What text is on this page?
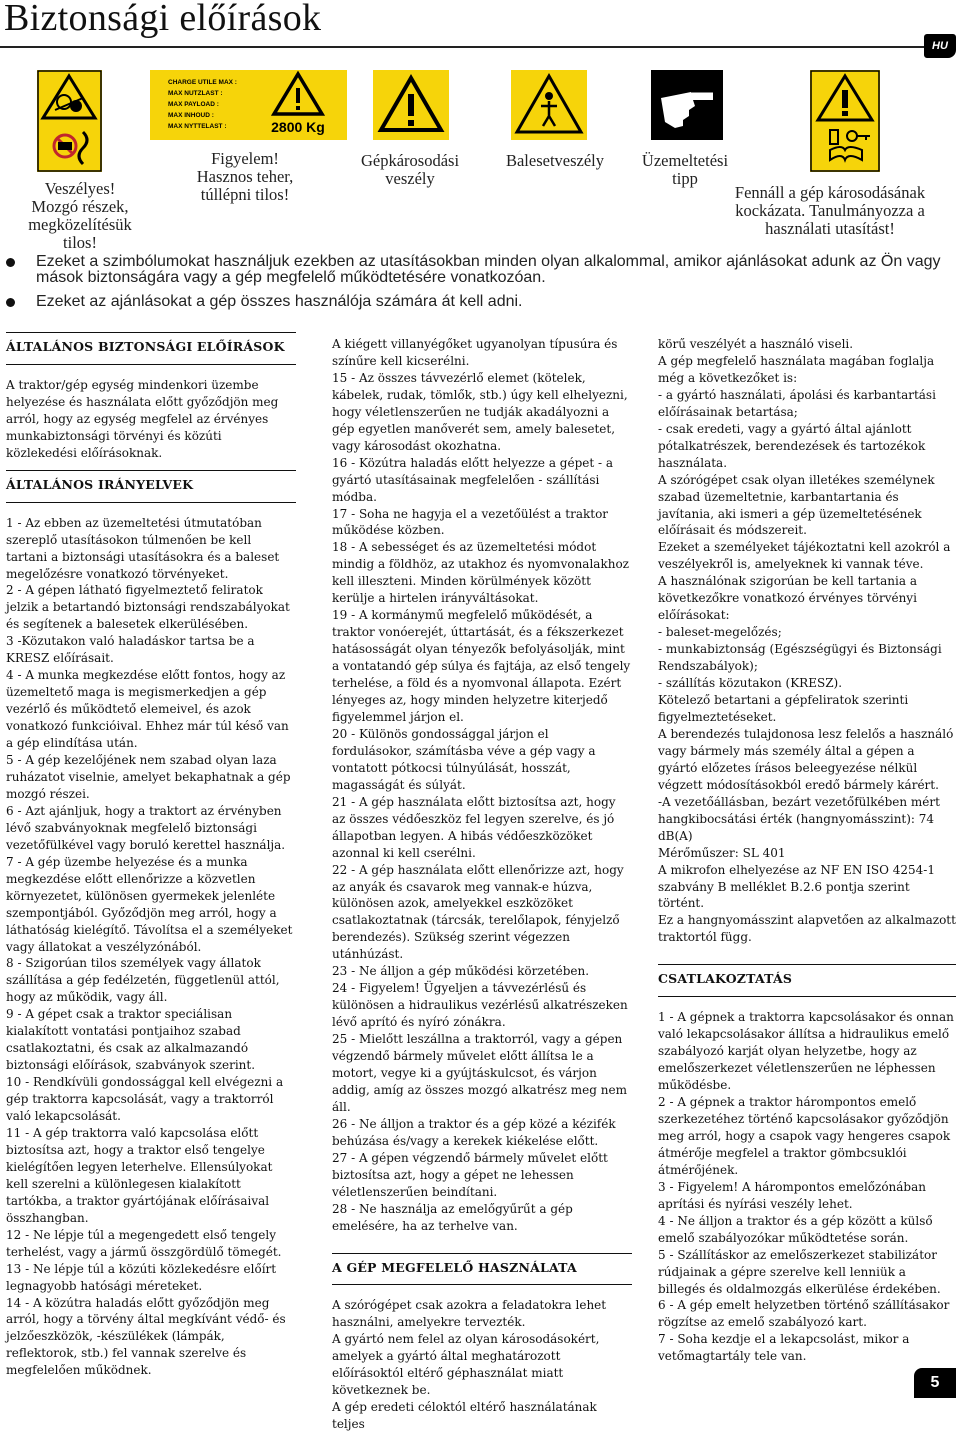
Biztonsági előírások
HU
Veszélyes!
Mozgó részek,
megközelítésük tilos!
CHARGE UTILE MAX :
MAX NUTZLAST :
MAX PAYLOAD :
MAX INHOUD :
MAX NYTTELAST :	2800 Kg
Figyelem!
Hasznos teher,
túllépni tilos!
Gépkárosodási
veszély
Balesetveszély	Üzemeltetési
tipp
Fennáll a gép károsodásának
kockázata. Tanulmányozza a
használati utasítást!
Ezeket a szimbólumokat használjuk ezekben az utasításokban minden olyan alkalommal, amikor ajánlásokat adunk az Ön vagy mások biztonságára vagy a gép megfelelő működtetésére vonatkozóan.
Ezeket az ajánlásokat a gép összes használója számára át kell adni.
ÁLTALÁNOS BIZTONSÁGI ELŐÍRÁSOK

A traktor/gép egység mindenkori üzembe helyezése és használata előtt győződjön meg arról, hogy az egység megfelel az érvényes munkabiztonsági törvényi és közúti közlekedési előírásoknak.

ÁLTALÁNOS IRÁNYELVEK

1 - Az ebben az üzemeltetési útmutatóban szereplő utasításokon túlmenően be kell tartani a biztonsági utasításokra és a baleset megelőzésre vonatkozó törvényeket.

2 - A gépen látható figyelmeztető feliratok jelzik a betartandó biztonsági rendszabályokat és segítenek a balesetek elkerülésében.

3 -Közutakon való haladáskor tartsa be a KRESZ előírásait.

4 - A munka megkezdése előtt fontos, hogy az üzemeltető maga is megismerkedjen a gép vezérlő és működtető elemeivel, és azok vonatkozó funkcióival. Ehhez már túl késő van a gép elindítása után.

5 - A gép kezelőjének nem szabad olyan laza ruházatot viselnie, amelyet bekaphatnak a gép mozgó részei.

6 - Azt ajánljuk, hogy a traktort az érvényben lévő szabványoknak megfelelő biztonsági vezetőfülkével vagy boruló kerettel használja.

7 - A gép üzembe helyezése és a munka megkezdése előtt ellenőrizze a közvetlen környezetet, különösen gyermekek jelenléte szempontjából. Győződjön meg arról, hogy a láthatóság kielégítő. Távolítsa el a személyeket vagy állatokat a veszélyzónából.

8 - Szigorúan tilos személyek vagy állatok szállítása a gép fedélzetén, függetlenül attól, hogy az működik, vagy áll.

9 - A gépet csak a traktor speciálisan kialakított vontatási pontjaihoz szabad csatlakoztatni, és csak az alkalmazandó biztonsági előírások, szabványok szerint.

10 - Rendkívüli gondossággal kell elvégezni a gép traktorra kapcsolását, vagy a traktorról való lekapcsolását.

11 - A gép traktorra való kapcsolása előtt biztosítsa azt, hogy a traktor első tengelye kielégítően legyen leterhelve. Ellensúlyokat kell szerelni a különlegesen kialakított tartókba, a traktor gyártójának előírásaival összhangban.

12 - Ne lépje túl a megengedett első tengely terhelést, vagy a jármű összgördülő tömegét.

13 - Ne lépje túl a közúti közlekedésre előírt legnagyobb hatósági méreteket.

14 - A közútra haladás előtt győződjön meg arról, hogy a törvény által megkívánt védő- és jelzőeszközök, -készülékek (lámpák, reflektorok, stb.) fel vannak szerelve és megfelelően működnek.

A kiégett villanyégőket ugyanolyan típusúra és színűre kell kicserélni.

15 - Az összes távvezérlő elemet (kötelek, kábelek, rudak, tömlők, stb.) úgy kell elhelyezni, hogy véletlenszerűen ne tudják akadályozni a gép egyetlen manőverét sem, amely balesetet, vagy károsodást okozhatna.

16 - Közútra haladás előtt helyezze a gépet - a gyártó utasításainak megfelelően - szállítási módba.

17 - Soha ne hagyja el a vezetőülést a traktor működése közben.

18 - A sebességet és az üzemeltetési módot mindig a földhöz, az utakhoz és nyomvonalakhoz kell illeszteni. Minden körülmények között kerülje a hirtelen irányváltásokat.

19 - A kormánymű megfelelő működését, a traktor vonóerejét, úttartását, és a fékszerkezet hatásosságát olyan tényezők befolyásolják, mint a vontatandó gép súlya és fajtája, az első tengely terhelése, a föld és a nyomvonal állapota. Ezért lényeges az, hogy minden helyzetre kiterjedő figyelemmel járjon el.

20 - Különös gondossággal járjon el fordulásokor, számításba véve a gép vagy a vontatott pótkocsi túlnyúlását, hosszát, magasságát és súlyát.

21 - A gép használata előtt biztosítsa azt, hogy az összes védőeszköz fel legyen szerelve, és jó állapotban legyen. A hibás védőeszközöket azonnal ki kell cserélni.

22 - A gép használata előtt ellenőrizze azt, hogy az anyák és csavarok meg vannak-e húzva, különösen azok, amelyekkel eszközöket csatlakoztatnak (tárcsák, terelőlapok, fényjelző berendezés). Szükség szerint végezzen utánhúzást.

23 - Ne álljon a gép működési körzetében.

24 - Figyelem! Ügyeljen a távvezérlésű és különösen a hidraulikus vezérlésű alkatrészeken lévő aprító és nyíró zónákra.

25 - Mielőtt leszállna a traktorról, vagy a gépen végzendő bármely művelet előtt állítsa le a motort, vegye ki a gyújtáskulcsot, és várjon addig, amíg az összes mozgó alkatrész meg nem áll.

26 - Ne álljon a traktor és a gép közé a kézifék behúzása és/vagy a kerekek kiékelése előtt.

27 - A gépen végzendő bármely művelet előtt biztosítsa azt, hogy a gépet ne lehessen véletlenszerűen beindítani.

28 - Ne használja az emelőgyűrűt a gép emelésére, ha az terhelve van.

A GÉP MEGFELELŐ HASZNÁLATA

A szórógépet csak azokra a feladatokra lehet használni, amelyekre tervezték.

A gyártó nem felel az olyan károsodásokért, amelyek a gyártó által meghatározott előírásoktól eltérő géphasználat miatt következnek be.

A gép eredeti céloktól eltérő használatának teljes

körű veszélyét a használó viseli.

A gép megfelelő használata magában foglalja még a következőket is:

- a gyártó használati, ápolási és karbantartási előírásainak betartása;

- csak eredeti, vagy a gyártó által ajánlott pótalkatrészek, berendezések és tartozékok használata.

A szórógépet csak olyan illetékes személynek szabad üzemeltetnie, karbantartania és javítania, aki ismeri a gép üzemeltetésének előírásait és módszereit.

Ezeket a személyeket tájékoztatni kell azokról a veszélyekről is, amelyeknek ki vannak téve.

A használónak szigorúan be kell tartania a következőkre vonatkozó érvényes törvényi előírásokat:

- baleset-megelőzés;

- munkabiztonság (Egészségügyi és Biztonsági Rendszabályok);

- szállítás közutakon (KRESZ).

Kötelező betartani a gépfeliratok szerinti figyelmeztetéseket.

A berendezés tulajdonosa lesz felelős a használó vagy bármely más személy által a gépen a gyártó előzetes írásos beleegyezése nélkül végzett módosításokból eredő bármely kárért.

-A vezetőállásban, bezárt vezetőfülkében mért hangkibocsátási érték (hangnyomásszint): 74 dB(A)

Mérőműszer: SL 401

A mikrofon elhelyezése az NF EN ISO 4254-1 szabvány B melléklet B.2.6 pontja szerint történt.

Ez a hangnyomásszint alapvetően az alkalmazott traktortól függ.

CSATLAKOZTATÁS

1 - A gépnek a traktorra kapcsolásakor és onnan való lekapcsolásakor állítsa a hidraulikus emelő szabályozó karját olyan helyzetbe, hogy az emelőszerkezet véletlenszerűen ne léphessen működésbe.

2 - A gépnek a traktor hárompontos emelő szerkezetéhez történő kapcsolásakor győződjön meg arról, hogy a csapok vagy hengeres csapok átmérője megfelel a traktor gömbcsuklói átmérőjének.

3 - Figyelem! A hárompontos emelőzónában aprítási és nyírási veszély lehet.

4 - Ne álljon a traktor és a gép között a külső emelő szabályozókar működtetése során.

5 - Szállításkor az emelőszerkezet stabilizátor rúdjainak a gépre szerelve kell lenniük a billegés és oldalmozgás elkerülése érdekében.

6 - A gép emelt helyzetben történő szállításakor rögzítse az emelő szabályozó kart.

7 - Soha kezdje el a lekapcsolást, mikor a vetőmagtartály tele van.

5
